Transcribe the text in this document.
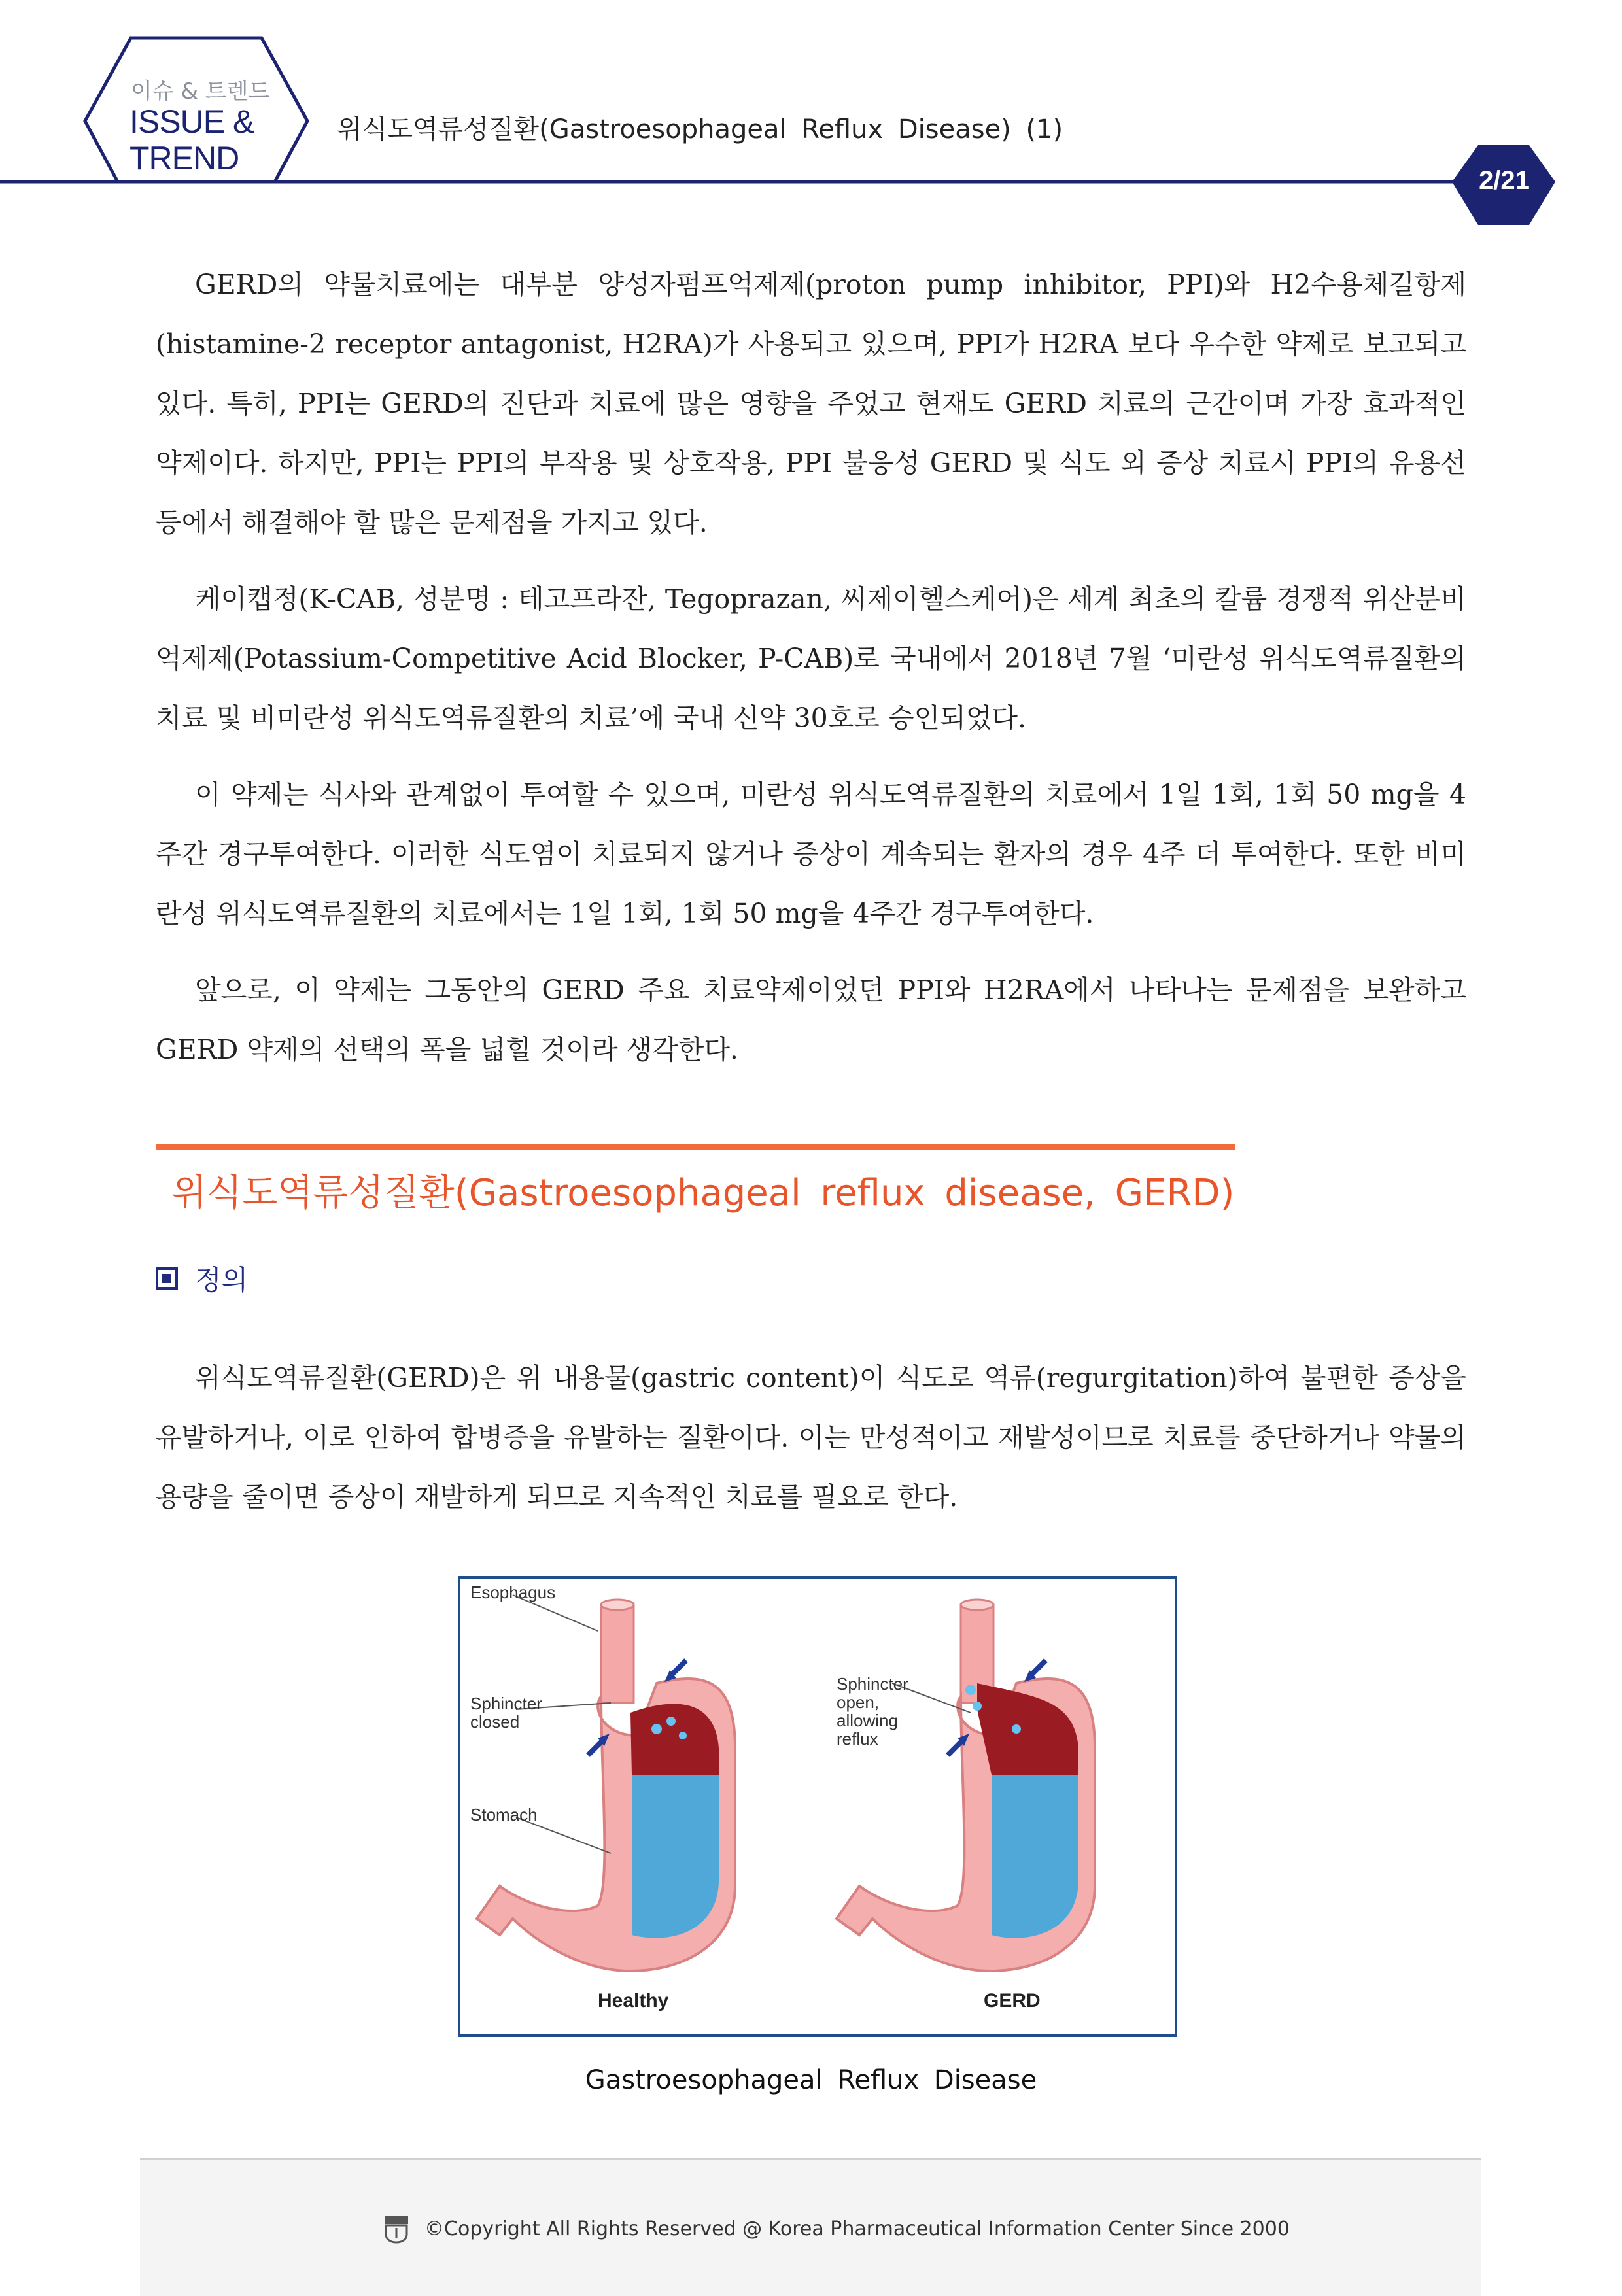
이슈 & 트렌드
ISSUE &
TREND
위식도역류성질환(Gastroesophageal Reflux Disease) (1)
2/21

GERD의 약물치료에는 대부분 양성자펌프억제제(proton pump inhibitor, PPI)와 H2수용체길항제(histamine-2 receptor antagonist, H2RA)가 사용되고 있으며, PPI가 H2RA 보다 우수한 약제로 보고되고 있다. 특히, PPI는 GERD의 진단과 치료에 많은 영향을 주었고 현재도 GERD 치료의 근간이며 가장 효과적인 약제이다. 하지만, PPI는 PPI의 부작용 및 상호작용, PPI 불응성 GERD 및 식도 외 증상 치료시 PPI의 유용선 등에서 해결해야 할 많은 문제점을 가지고 있다.

케이캡정(K-CAB, 성분명 : 테고프라잔, Tegoprazan, 씨제이헬스케어)은 세계 최초의 칼륨 경쟁적 위산분비억제제(Potassium-Competitive Acid Blocker, P-CAB)로 국내에서 2018년 7월 ‘미란성 위식도역류질환의 치료 및 비미란성 위식도역류질환의 치료’에 국내 신약 30호로 승인되었다.

이 약제는 식사와 관계없이 투여할 수 있으며, 미란성 위식도역류질환의 치료에서 1일 1회, 1회 50 mg을 4주간 경구투여한다. 이러한 식도염이 치료되지 않거나 증상이 계속되는 환자의 경우 4주 더 투여한다. 또한 비미란성 위식도역류질환의 치료에서는 1일 1회, 1회 50 mg을 4주간 경구투여한다.

앞으로, 이 약제는 그동안의 GERD 주요 치료약제이었던 PPI와 H2RA에서 나타나는 문제점을 보완하고 GERD 약제의 선택의 폭을 넓힐 것이라 생각한다.

위식도역류성질환(Gastroesophageal reflux disease, GERD)
정의

위식도역류질환(GERD)은 위 내용물(gastric content)이 식도로 역류(regurgitation)하여 불편한 증상을 유발하거나, 이로 인하여 합병증을 유발하는 질환이다. 이는 만성적이고 재발성이므로 치료를 중단하거나 약물의 용량을 줄이면 증상이 재발하게 되므로 지속적인 치료를 필요로 한다.

Esophagus
Sphincter
closed
Stomach
Healthy
Sphincter
open,
allowing
reflux
GERD
Gastroesophageal Reflux Disease
©Copyright All Rights Reserved @ Korea Pharmaceutical Information Center Since 2000
